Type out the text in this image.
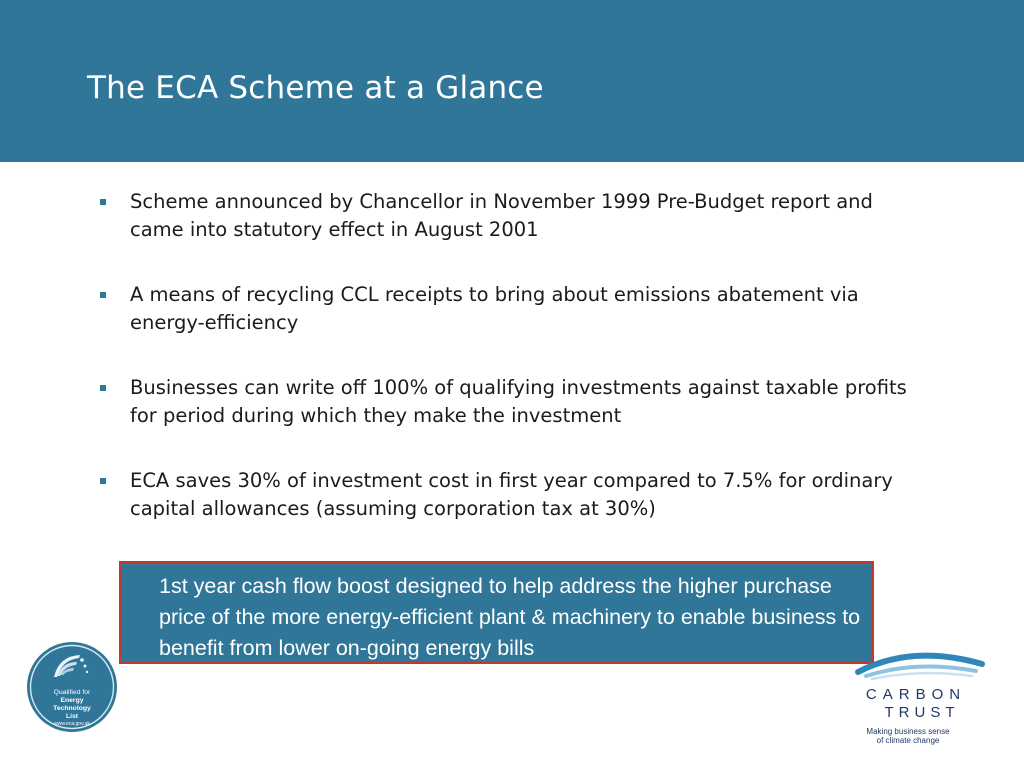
The ECA Scheme at a Glance
Scheme announced by Chancellor in November 1999 Pre-Budget report and came into statutory effect in August 2001
A means of recycling CCL receipts to bring about emissions abatement via energy-efficiency
Businesses can write off 100% of qualifying investments against taxable profits for period during which they make the investment
ECA saves 30% of investment cost in first year compared to 7.5% for ordinary capital allowances (assuming corporation tax at 30%)

1st year cash flow boost designed to help address the higher purchase price of the more energy-efficient plant & machinery to enable business to benefit from lower on-going energy bills

Qualified for
Energy
Technology
List
www.eca.gov.uk
CARBON
TRUST
Making business sense
of climate change
